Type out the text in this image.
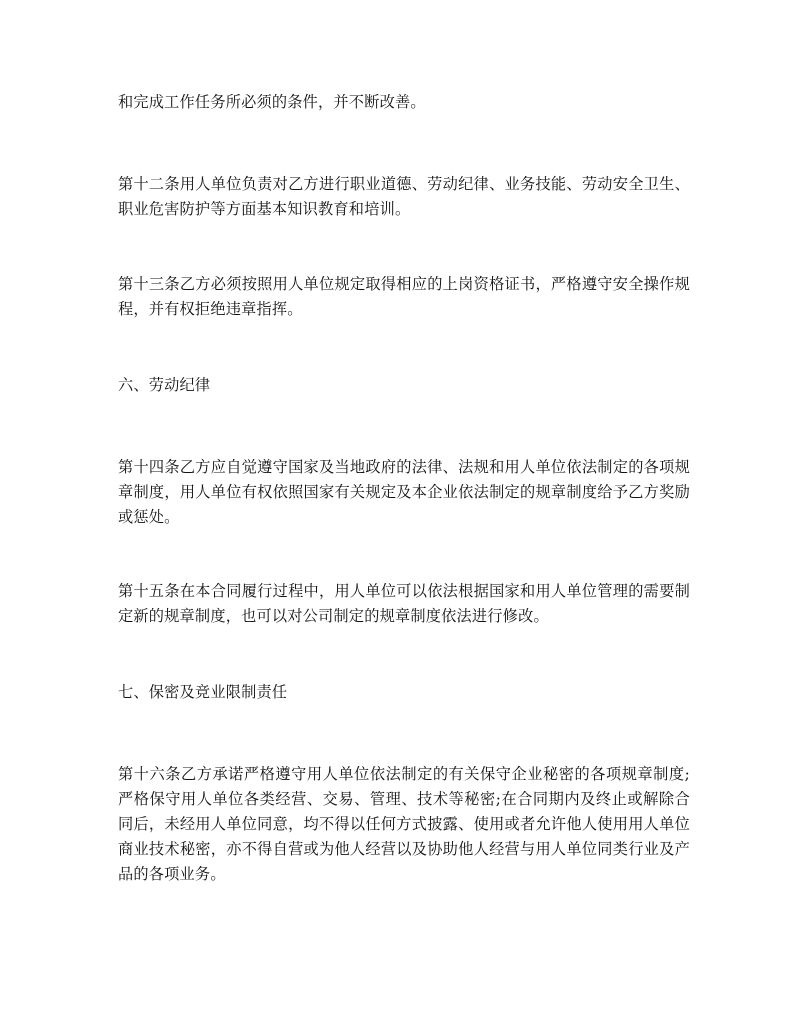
和完成工作任务所必须的条件，并不断改善。

第十二条用人单位负责对乙方进行职业道德、劳动纪律、业务技能、劳动安全卫生、职业危害防护等方面基本知识教育和培训。

第十三条乙方必须按照用人单位规定取得相应的上岗资格证书，严格遵守安全操作规程，并有权拒绝违章指挥。

六、劳动纪律

第十四条乙方应自觉遵守国家及当地政府的法律、法规和用人单位依法制定的各项规章制度，用人单位有权依照国家有关规定及本企业依法制定的规章制度给予乙方奖励或惩处。

第十五条在本合同履行过程中，用人单位可以依法根据国家和用人单位管理的需要制定新的规章制度，也可以对公司制定的规章制度依法进行修改。

七、保密及竞业限制责任

第十六条乙方承诺严格遵守用人单位依法制定的有关保守企业秘密的各项规章制度;严格保守用人单位各类经营、交易、管理、技术等秘密;在合同期内及终止或解除合同后，未经用人单位同意，均不得以任何方式披露、使用或者允许他人使用用人单位商业技术秘密，亦不得自营或为他人经营以及协助他人经营与用人单位同类行业及产品的各项业务。
